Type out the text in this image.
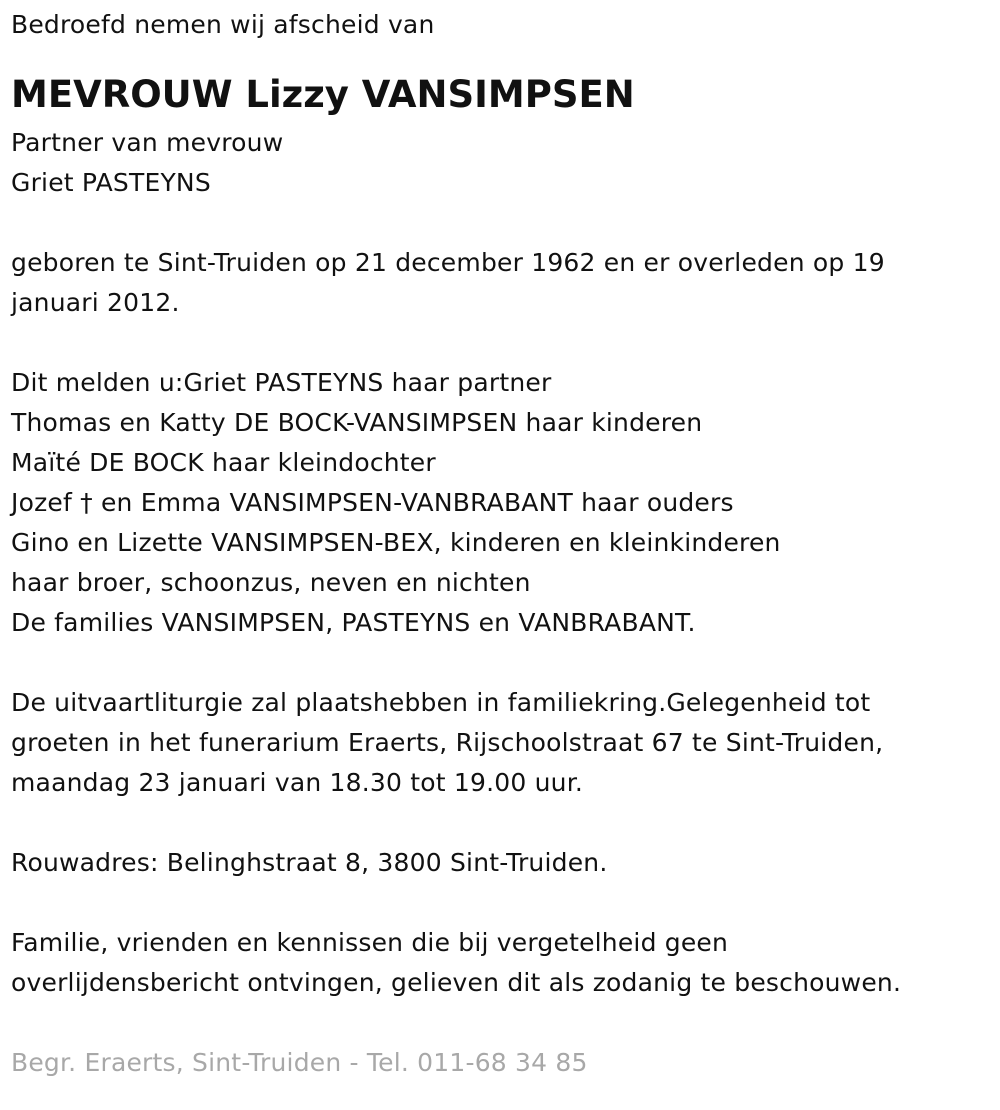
Bedroefd nemen wij afscheid van
MEVROUW Lizzy VANSIMPSEN
Partner van mevrouw
Griet PASTEYNS
geboren te Sint-Truiden op 21 december 1962 en er overleden op 19
januari 2012.
Dit melden u:Griet PASTEYNS haar partner
Thomas en Katty DE BOCK-VANSIMPSEN haar kinderen
Maïté DE BOCK haar kleindochter
Jozef † en Emma VANSIMPSEN-VANBRABANT haar ouders
Gino en Lizette VANSIMPSEN-BEX, kinderen en kleinkinderen
haar broer, schoonzus, neven en nichten
De families VANSIMPSEN, PASTEYNS en VANBRABANT.
De uitvaartliturgie zal plaatshebben in familiekring.Gelegenheid tot
groeten in het funerarium Eraerts, Rijschoolstraat 67 te Sint-Truiden,
maandag 23 januari van 18.30 tot 19.00 uur.
Rouwadres: Belinghstraat 8, 3800 Sint-Truiden.
Familie, vrienden en kennissen die bij vergetelheid geen
overlijdensbericht ontvingen, gelieven dit als zodanig te beschouwen.
Begr. Eraerts, Sint-Truiden - Tel. 011-68 34 85
